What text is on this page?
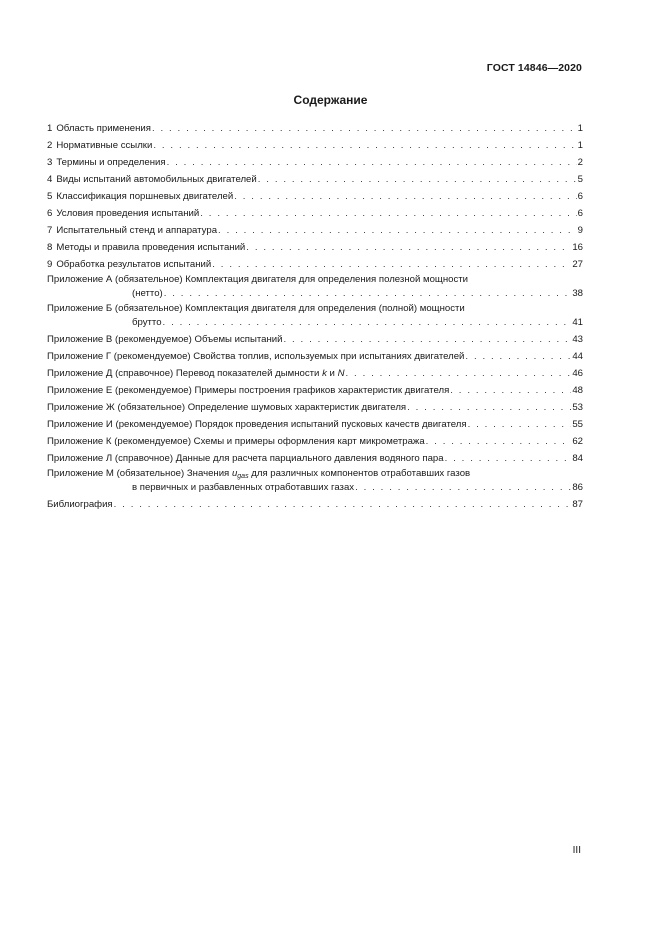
ГОСТ 14846—2020
Содержание
1 Область применения . . .	1
2 Нормативные ссылки . . .	1
3 Термины и определения . . .	2
4 Виды испытаний автомобильных двигателей . . .	5
5 Классификация поршневых двигателей . . .	6
6 Условия проведения испытаний . . .	6
7 Испытательный стенд и аппаратура . . .	9
8 Методы и правила проведения испытаний . . .	16
9 Обработка результатов испытаний . . .	27
Приложение А (обязательное) Комплектация двигателя для определения полезной мощности
(нетто) . . .	38
Приложение Б (обязательное) Комплектация двигателя для определения (полной) мощности
брутто . . .	41
Приложение В (рекомендуемое) Объемы испытаний . . .	43
Приложение Г (рекомендуемое) Свойства топлив, используемых при испытаниях двигателей . . .	44
Приложение Д (справочное) Перевод показателей дымности k и N . . .	46
Приложение Е (рекомендуемое) Примеры построения графиков характеристик двигателя . . .	48
Приложение Ж (обязательное) Определение шумовых характеристик двигателя . . .	53
Приложение И (рекомендуемое) Порядок проведения испытаний пусковых качеств двигателя . . .	55
Приложение К (рекомендуемое) Схемы и примеры оформления карт микрометража . . .	62
Приложение Л (справочное) Данные для расчета парциального давления водяного пара . . .	84
Приложение М (обязательное) Значения $u_{gas}$ для различных компонентов отработавших газов
в первичных и разбавленных отработавших газах . . .	86
Библиография . . .	87
III
